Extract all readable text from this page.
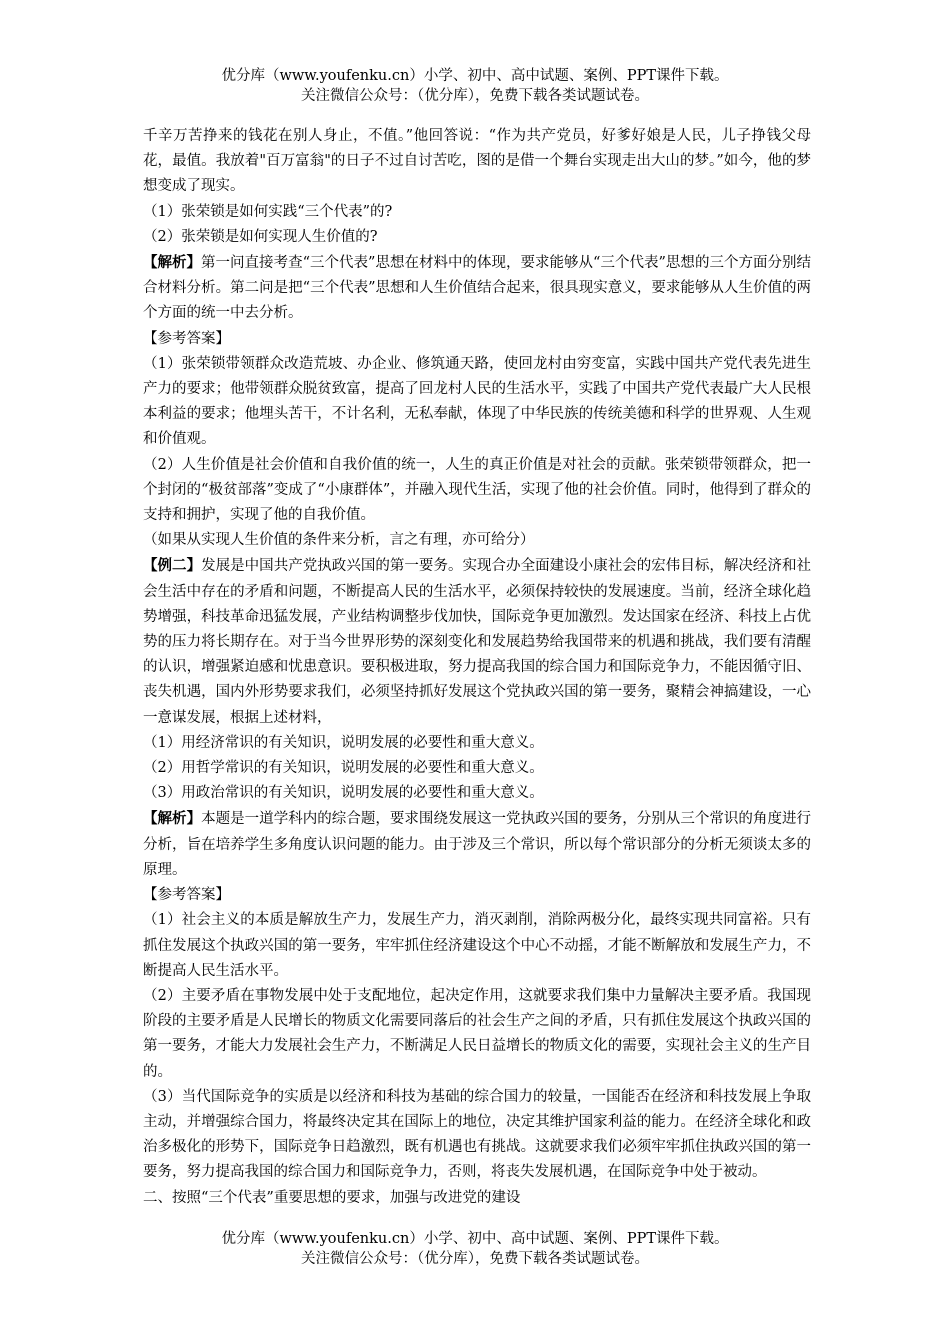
优分库（www.youfenku.cn）小学、初中、高中试题、案例、PPT课件下载。
关注微信公众号：（优分库），免费下载各类试题试卷。

千辛万苦挣来的钱花在别人身止，不值。”他回答说：“作为共产党员，好爹好娘是人民，儿子挣钱父母花，最值。我放着"百万富翁"的日子不过自讨苦吃，图的是借一个舞台实现走出大山的梦。”如今，他的梦想变成了现实。

（1）张荣锁是如何实践“三个代表”的?

（2）张荣锁是如何实现人生价值的?

【解析】第一问直接考查“三个代表”思想在材料中的体现，要求能够从“三个代表”思想的三个方面分别结合材料分析。第二问是把“三个代表”思想和人生价值结合起来，很具现实意义，要求能够从人生价值的两个方面的统一中去分析。

【参考答案】

（1）张荣锁带领群众改造荒坡、办企业、修筑通天路，使回龙村由穷变富，实践中国共产党代表先进生产力的要求；他带领群众脱贫致富，提高了回龙村人民的生活水平，实践了中国共产党代表最广大人民根本利益的要求；他埋头苦干，不计名利，无私奉献，体现了中华民族的传统美德和科学的世界观、人生观和价值观。

（2）人生价值是社会价值和自我价值的统一，人生的真正价值是对社会的贡献。张荣锁带领群众，把一个封闭的“极贫部落”变成了“小康群体”，并融入现代生活，实现了他的社会价值。同时，他得到了群众的支持和拥护，实现了他的自我价值。

（如果从实现人生价值的条件来分析，言之有理，亦可给分）

【例二】发展是中国共产党执政兴国的第一要务。实现合办全面建设小康社会的宏伟目标，解决经济和社会生活中存在的矛盾和问题，不断提高人民的生活水平，必须保持较快的发展速度。当前，经济全球化趋势增强，科技革命迅猛发展，产业结构调整步伐加快，国际竞争更加激烈。发达国家在经济、科技上占优势的压力将长期存在。对于当今世界形势的深刻变化和发展趋势给我国带来的机遇和挑战，我们要有清醒的认识，增强紧迫感和忧患意识。要积极进取，努力提高我国的综合国力和国际竞争力，不能因循守旧、丧失机遇，国内外形势要求我们，必须坚持抓好发展这个党执政兴国的第一要务，聚精会神搞建设，一心一意谋发展，根据上述材料，

（1）用经济常识的有关知识，说明发展的必要性和重大意义。

（2）用哲学常识的有关知识，说明发展的必要性和重大意义。

（3）用政治常识的有关知识，说明发展的必要性和重大意义。

【解析】本题是一道学科内的综合题，要求围绕发展这一党执政兴国的要务，分别从三个常识的角度进行分析，旨在培养学生多角度认识问题的能力。由于涉及三个常识，所以每个常识部分的分析无须谈太多的原理。

【参考答案】

（1）社会主义的本质是解放生产力，发展生产力，消灭剥削，消除两极分化，最终实现共同富裕。只有抓住发展这个执政兴国的第一要务，牢牢抓住经济建设这个中心不动摇，才能不断解放和发展生产力，不断提高人民生活水平。

（2）主要矛盾在事物发展中处于支配地位，起决定作用，这就要求我们集中力量解决主要矛盾。我国现阶段的主要矛盾是人民增长的物质文化需要同落后的社会生产之间的矛盾，只有抓住发展这个执政兴国的第一要务，才能大力发展社会生产力，不断满足人民日益增长的物质文化的需要，实现社会主义的生产目的。

（3）当代国际竞争的实质是以经济和科技为基础的综合国力的较量，一国能否在经济和科技发展上争取主动，并增强综合国力，将最终决定其在国际上的地位，决定其维护国家利益的能力。在经济全球化和政治多极化的形势下，国际竞争日趋激烈，既有机遇也有挑战。这就要求我们必须牢牢抓住执政兴国的第一要务，努力提高我国的综合国力和国际竞争力，否则，将丧失发展机遇，在国际竞争中处于被动。

二、按照“三个代表”重要思想的要求，加强与改进党的建设

优分库（www.youfenku.cn）小学、初中、高中试题、案例、PPT课件下载。
关注微信公众号：（优分库），免费下载各类试题试卷。
